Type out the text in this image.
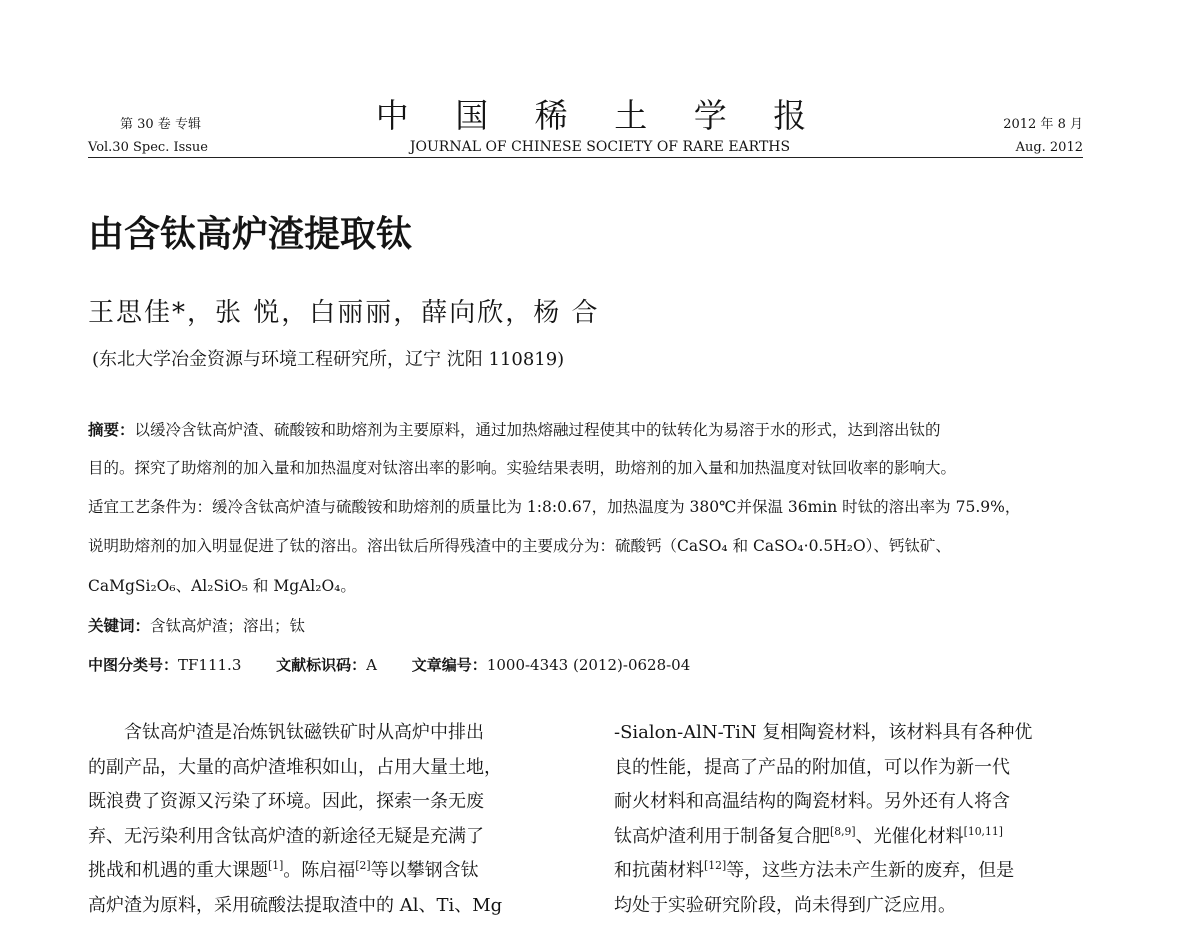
第 30 卷 专辑
Vol.30 Spec. Issue
中 国 稀 土 学 报
JOURNAL OF CHINESE SOCIETY OF RARE EARTHS
2012 年 8 月
Aug. 2012
由含钛高炉渣提取钛
王思佳*，张 悦，白丽丽，薛向欣，杨 合
(东北大学冶金资源与环境工程研究所，辽宁 沈阳 110819)
摘要：以缓冷含钛高炉渣、硫酸铵和助熔剂为主要原料，通过加热熔融过程使其中的钛转化为易溶于水的形式，达到溶出钛的
目的。探究了助熔剂的加入量和加热温度对钛溶出率的影响。实验结果表明，助熔剂的加入量和加热温度对钛回收率的影响大。
适宜工艺条件为：缓冷含钛高炉渣与硫酸铵和助熔剂的质量比为 1:8:0.67，加热温度为 380℃并保温 36min 时钛的溶出率为 75.9%，
说明助熔剂的加入明显促进了钛的溶出。溶出钛后所得残渣中的主要成分为：硫酸钙（CaSO₄ 和 CaSO₄·0.5H₂O）、钙钛矿、
CaMgSi₂O₆、Al₂SiO₅ 和 MgAl₂O₄。
关键词：含钛高炉渣；溶出；钛
中图分类号：TF111.3 文献标识码：A 文章编号：1000-4343 (2012)-0628-04

含钛高炉渣是冶炼钒钛磁铁矿时从高炉中排出

的副产品，大量的高炉渣堆积如山，占用大量土地，

既浪费了资源又污染了环境。因此，探索一条无废

弃、无污染利用含钛高炉渣的新途径无疑是充满了

挑战和机遇的重大课题[1]。陈启福[2]等以攀钢含钛

高炉渣为原料，采用硫酸法提取渣中的 Al、Ti、Mg

-Sialon-AlN-TiN 复相陶瓷材料，该材料具有各种优

良的性能，提高了产品的附加值，可以作为新一代

耐火材料和高温结构的陶瓷材料。另外还有人将含

钛高炉渣利用于制备复合肥[8,9]、光催化材料[10,11]

和抗菌材料[12]等，这些方法未产生新的废弃，但是

均处于实验研究阶段，尚未得到广泛应用。
